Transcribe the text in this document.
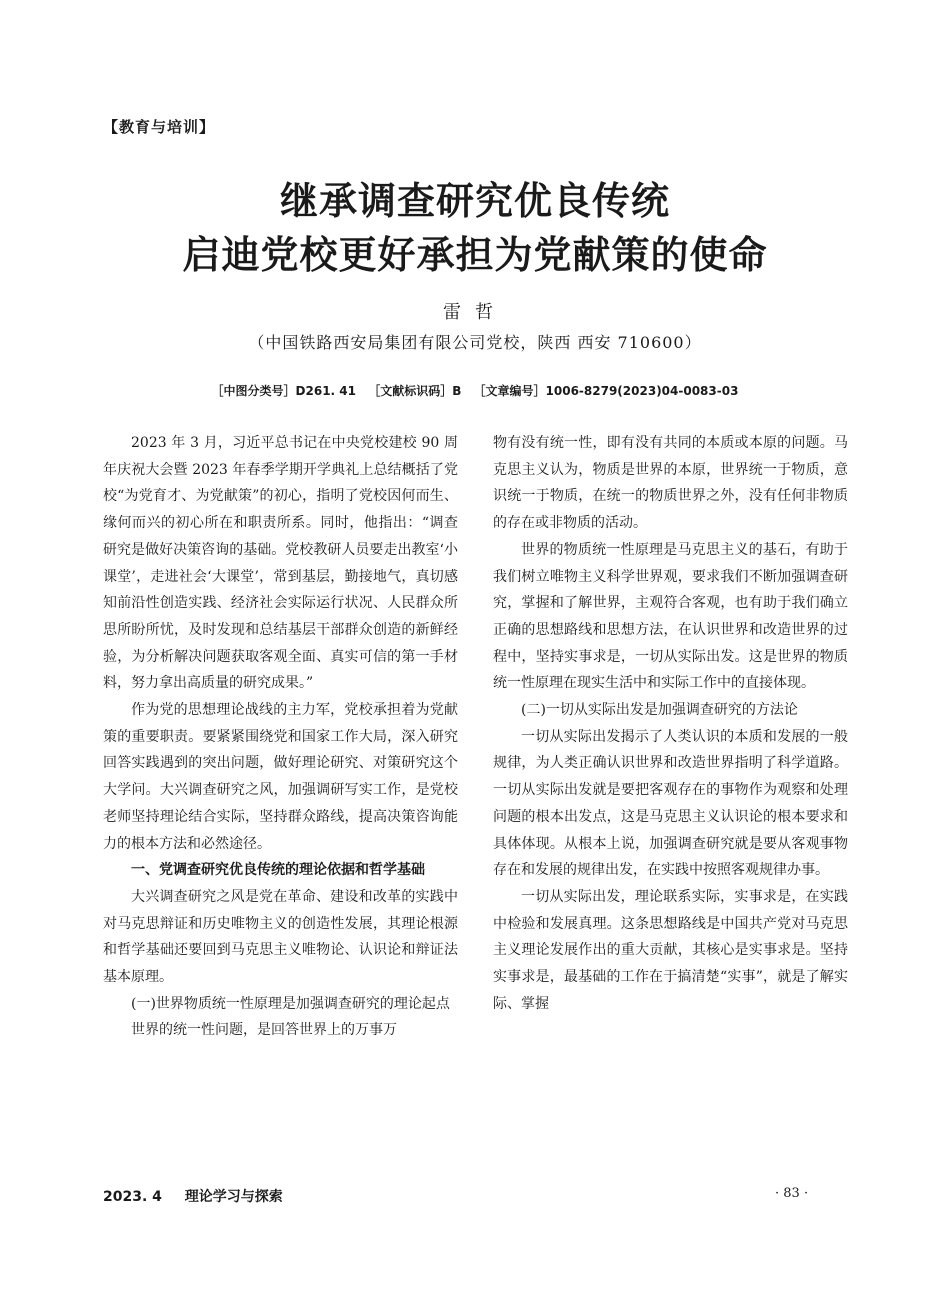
【教育与培训】
继承调查研究优良传统
启迪党校更好承担为党献策的使命
雷哲
（中国铁路西安局集团有限公司党校，陕西 西安 710600）
［中图分类号］D261. 41 ［文献标识码］B ［文章编号］1006-8279(2023)04-0083-03

2023 年 3 月，习近平总书记在中央党校建校 90 周年庆祝大会暨 2023 年春季学期开学典礼上总结概括了党校“为党育才、为党献策”的初心，指明了党校因何而生、缘何而兴的初心所在和职责所系。同时，他指出：“调查研究是做好决策咨询的基础。党校教研人员要走出教室‘小课堂’，走进社会‘大课堂’，常到基层，勤接地气，真切感知前沿性创造实践、经济社会实际运行状况、人民群众所思所盼所忧，及时发现和总结基层干部群众创造的新鲜经验，为分析解决问题获取客观全面、真实可信的第一手材料，努力拿出高质量的研究成果。”

作为党的思想理论战线的主力军，党校承担着为党献策的重要职责。要紧紧围绕党和国家工作大局，深入研究回答实践遇到的突出问题，做好理论研究、对策研究这个大学问。大兴调查研究之风，加强调研写实工作，是党校老师坚持理论结合实际，坚持群众路线，提高决策咨询能力的根本方法和必然途径。

一、党调查研究优良传统的理论依据和哲学基础

大兴调查研究之风是党在革命、建设和改革的实践中对马克思辩证和历史唯物主义的创造性发展，其理论根源和哲学基础还要回到马克思主义唯物论、认识论和辩证法基本原理。

(一)世界物质统一性原理是加强调查研究的理论起点

世界的统一性问题，是回答世界上的万事万

物有没有统一性，即有没有共同的本质或本原的问题。马克思主义认为，物质是世界的本原，世界统一于物质，意识统一于物质，在统一的物质世界之外，没有任何非物质的存在或非物质的活动。

世界的物质统一性原理是马克思主义的基石，有助于我们树立唯物主义科学世界观，要求我们不断加强调查研究，掌握和了解世界，主观符合客观，也有助于我们确立正确的思想路线和思想方法，在认识世界和改造世界的过程中，坚持实事求是，一切从实际出发。这是世界的物质统一性原理在现实生活中和实际工作中的直接体现。

(二)一切从实际出发是加强调查研究的方法论

一切从实际出发揭示了人类认识的本质和发展的一般规律，为人类正确认识世界和改造世界指明了科学道路。一切从实际出发就是要把客观存在的事物作为观察和处理问题的根本出发点，这是马克思主义认识论的根本要求和具体体现。从根本上说，加强调查研究就是要从客观事物存在和发展的规律出发，在实践中按照客观规律办事。

一切从实际出发，理论联系实际，实事求是，在实践中检验和发展真理。这条思想路线是中国共产党对马克思主义理论发展作出的重大贡献，其核心是实事求是。坚持实事求是，最基础的工作在于搞清楚“实事”，就是了解实际、掌握

2023. 4 理论学习与探索	· 83 ·
